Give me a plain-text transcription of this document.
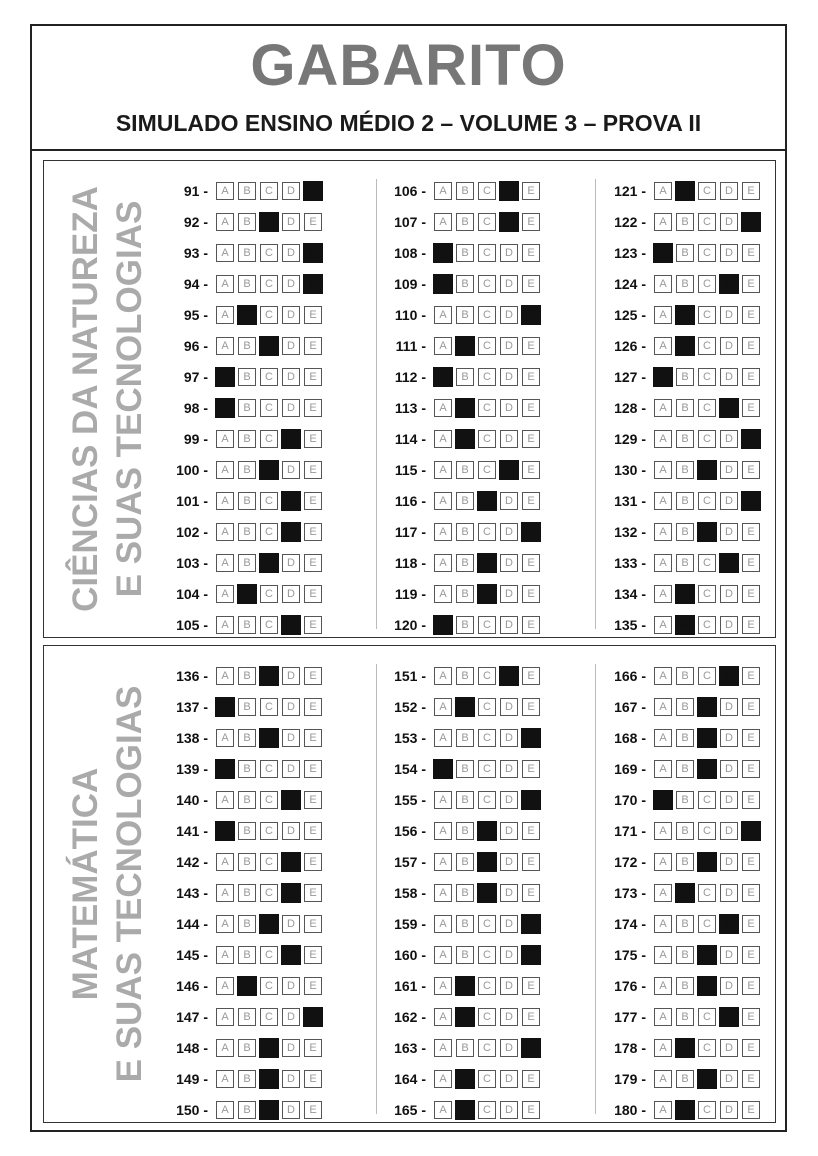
GABARITO
SIMULADO ENSINO MÉDIO 2 – VOLUME 3 – PROVA II
CIÊNCIAS DA NATUREZA E SUAS TECNOLOGIAS
91 -	A	B	C	D	E
92 -	A	B	C	D	E
93 -	A	B	C	D	E
94 -	A	B	C	D	E
95 -	A	B	C	D	E
96 -	A	B	C	D	E
97 -	A	B	C	D	E
98 -	A	B	C	D	E
99 -	A	B	C	D	E
100 -	A	B	C	D	E
101 -	A	B	C	D	E
102 -	A	B	C	D	E
103 -	A	B	C	D	E
104 -	A	B	C	D	E
105 -	A	B	C	D	E
106 -	A	B	C	D	E
107 -	A	B	C	D	E
108 -	A	B	C	D	E
109 -	A	B	C	D	E
110 -	A	B	C	D	E
111 -	A	B	C	D	E
112 -	A	B	C	D	E
113 -	A	B	C	D	E
114 -	A	B	C	D	E
115 -	A	B	C	D	E
116 -	A	B	C	D	E
117 -	A	B	C	D	E
118 -	A	B	C	D	E
119 -	A	B	C	D	E
120 -	A	B	C	D	E
121 -	A	B	C	D	E
122 -	A	B	C	D	E
123 -	A	B	C	D	E
124 -	A	B	C	D	E
125 -	A	B	C	D	E
126 -	A	B	C	D	E
127 -	A	B	C	D	E
128 -	A	B	C	D	E
129 -	A	B	C	D	E
130 -	A	B	C	D	E
131 -	A	B	C	D	E
132 -	A	B	C	D	E
133 -	A	B	C	D	E
134 -	A	B	C	D	E
135 -	A	B	C	D	E
MATEMÁTICA E SUAS TECNOLOGIAS
136 -	A	B	C	D	E
137 -	A	B	C	D	E
138 -	A	B	C	D	E
139 -	A	B	C	D	E
140 -	A	B	C	D	E
141 -	A	B	C	D	E
142 -	A	B	C	D	E
143 -	A	B	C	D	E
144 -	A	B	C	D	E
145 -	A	B	C	D	E
146 -	A	B	C	D	E
147 -	A	B	C	D	E
148 -	A	B	C	D	E
149 -	A	B	C	D	E
150 -	A	B	C	D	E
151 -	A	B	C	D	E
152 -	A	B	C	D	E
153 -	A	B	C	D	E
154 -	A	B	C	D	E
155 -	A	B	C	D	E
156 -	A	B	C	D	E
157 -	A	B	C	D	E
158 -	A	B	C	D	E
159 -	A	B	C	D	E
160 -	A	B	C	D	E
161 -	A	B	C	D	E
162 -	A	B	C	D	E
163 -	A	B	C	D	E
164 -	A	B	C	D	E
165 -	A	B	C	D	E
166 -	A	B	C	D	E
167 -	A	B	C	D	E
168 -	A	B	C	D	E
169 -	A	B	C	D	E
170 -	A	B	C	D	E
171 -	A	B	C	D	E
172 -	A	B	C	D	E
173 -	A	B	C	D	E
174 -	A	B	C	D	E
175 -	A	B	C	D	E
176 -	A	B	C	D	E
177 -	A	B	C	D	E
178 -	A	B	C	D	E
179 -	A	B	C	D	E
180 -	A	B	C	D	E
